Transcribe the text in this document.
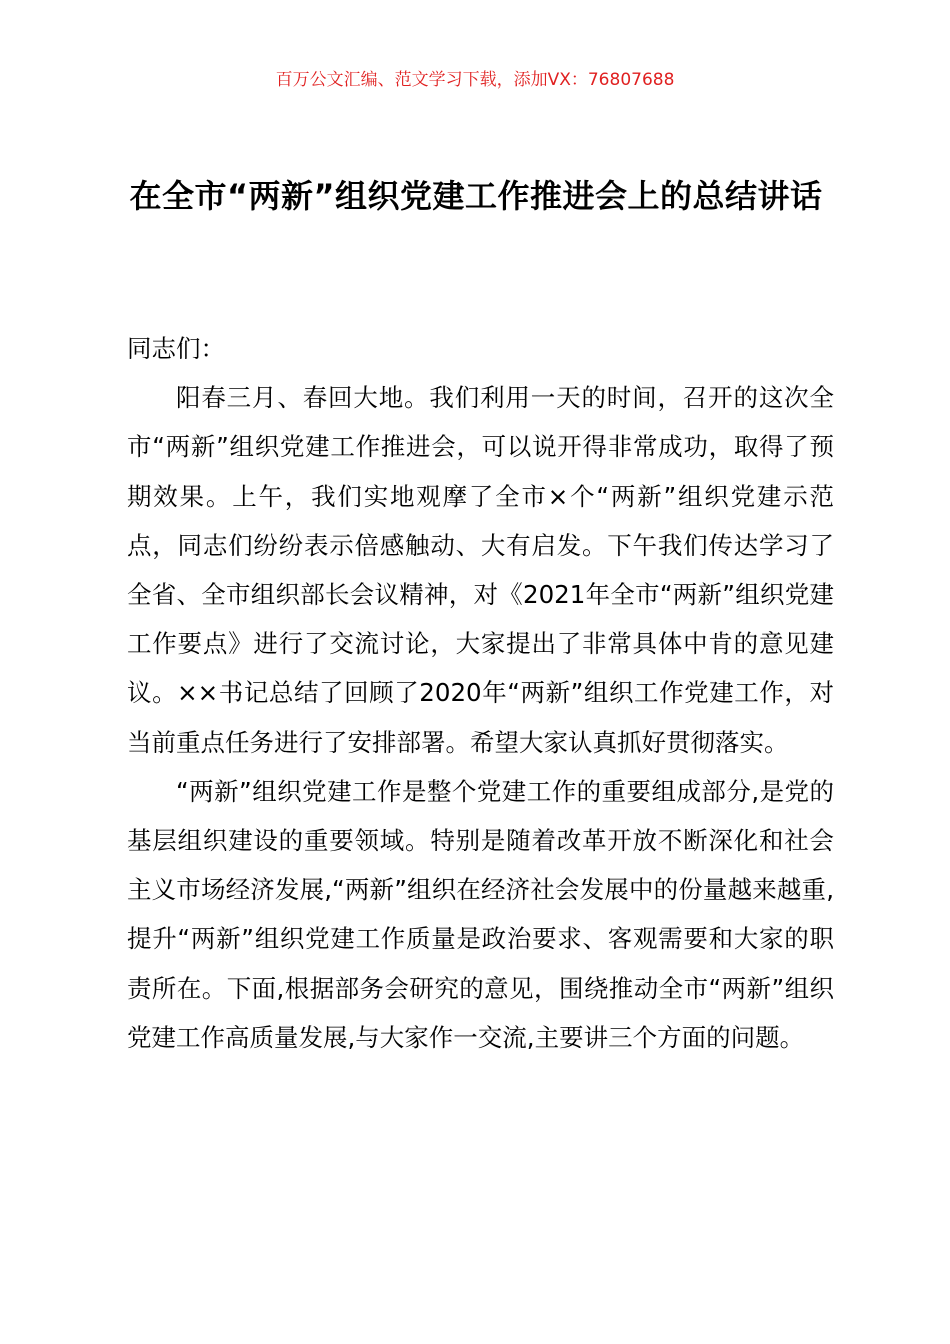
百万公文汇编、范文学习下载，添加VX：76807688
在全市“两新”组织党建工作推进会上的总结讲话

同志们：

阳春三月、春回大地。我们利用一天的时间，召开的这次全市“两新”组织党建工作推进会，可以说开得非常成功，取得了预期效果。上午，我们实地观摩了全市×个“两新”组织党建示范点，同志们纷纷表示倍感触动、大有启发。下午我们传达学习了全省、全市组织部长会议精神，对《2021年全市“两新”组织党建工作要点》进行了交流讨论，大家提出了非常具体中肯的意见建议。××书记总结了回顾了2020年“两新”组织工作党建工作，对当前重点任务进行了安排部署。希望大家认真抓好贯彻落实。

“两新”组织党建工作是整个党建工作的重要组成部分,是党的基层组织建设的重要领域。特别是随着改革开放不断深化和社会主义市场经济发展,“两新”组织在经济社会发展中的份量越来越重,提升“两新”组织党建工作质量是政治要求、客观需要和大家的职责所在。下面,根据部务会研究的意见，围绕推动全市“两新”组织党建工作高质量发展,与大家作一交流,主要讲三个方面的问题。
